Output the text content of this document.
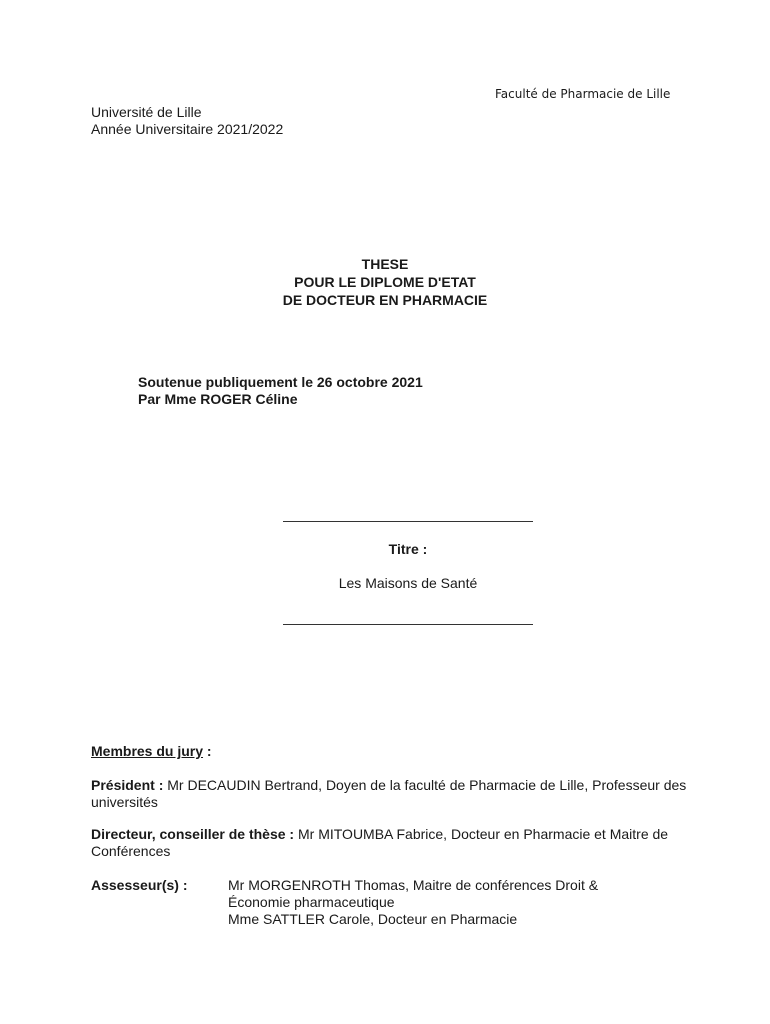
Faculté de Pharmacie de Lille
Université de Lille
Année Universitaire 2021/2022
THESE
POUR LE DIPLOME D'ETAT
DE DOCTEUR EN PHARMACIE
Soutenue publiquement le 26 octobre 2021
Par Mme ROGER Céline
Titre :
Les Maisons de Santé
Membres du jury :
Président : Mr DECAUDIN Bertrand, Doyen de la faculté de Pharmacie de Lille, Professeur des universités
Directeur, conseiller de thèse : Mr MITOUMBA Fabrice, Docteur en Pharmacie et Maitre de Conférences
Assesseur(s) :	Mr MORGENROTH Thomas, Maitre de conférences Droit &
Économie pharmaceutique
Mme SATTLER Carole, Docteur en Pharmacie
